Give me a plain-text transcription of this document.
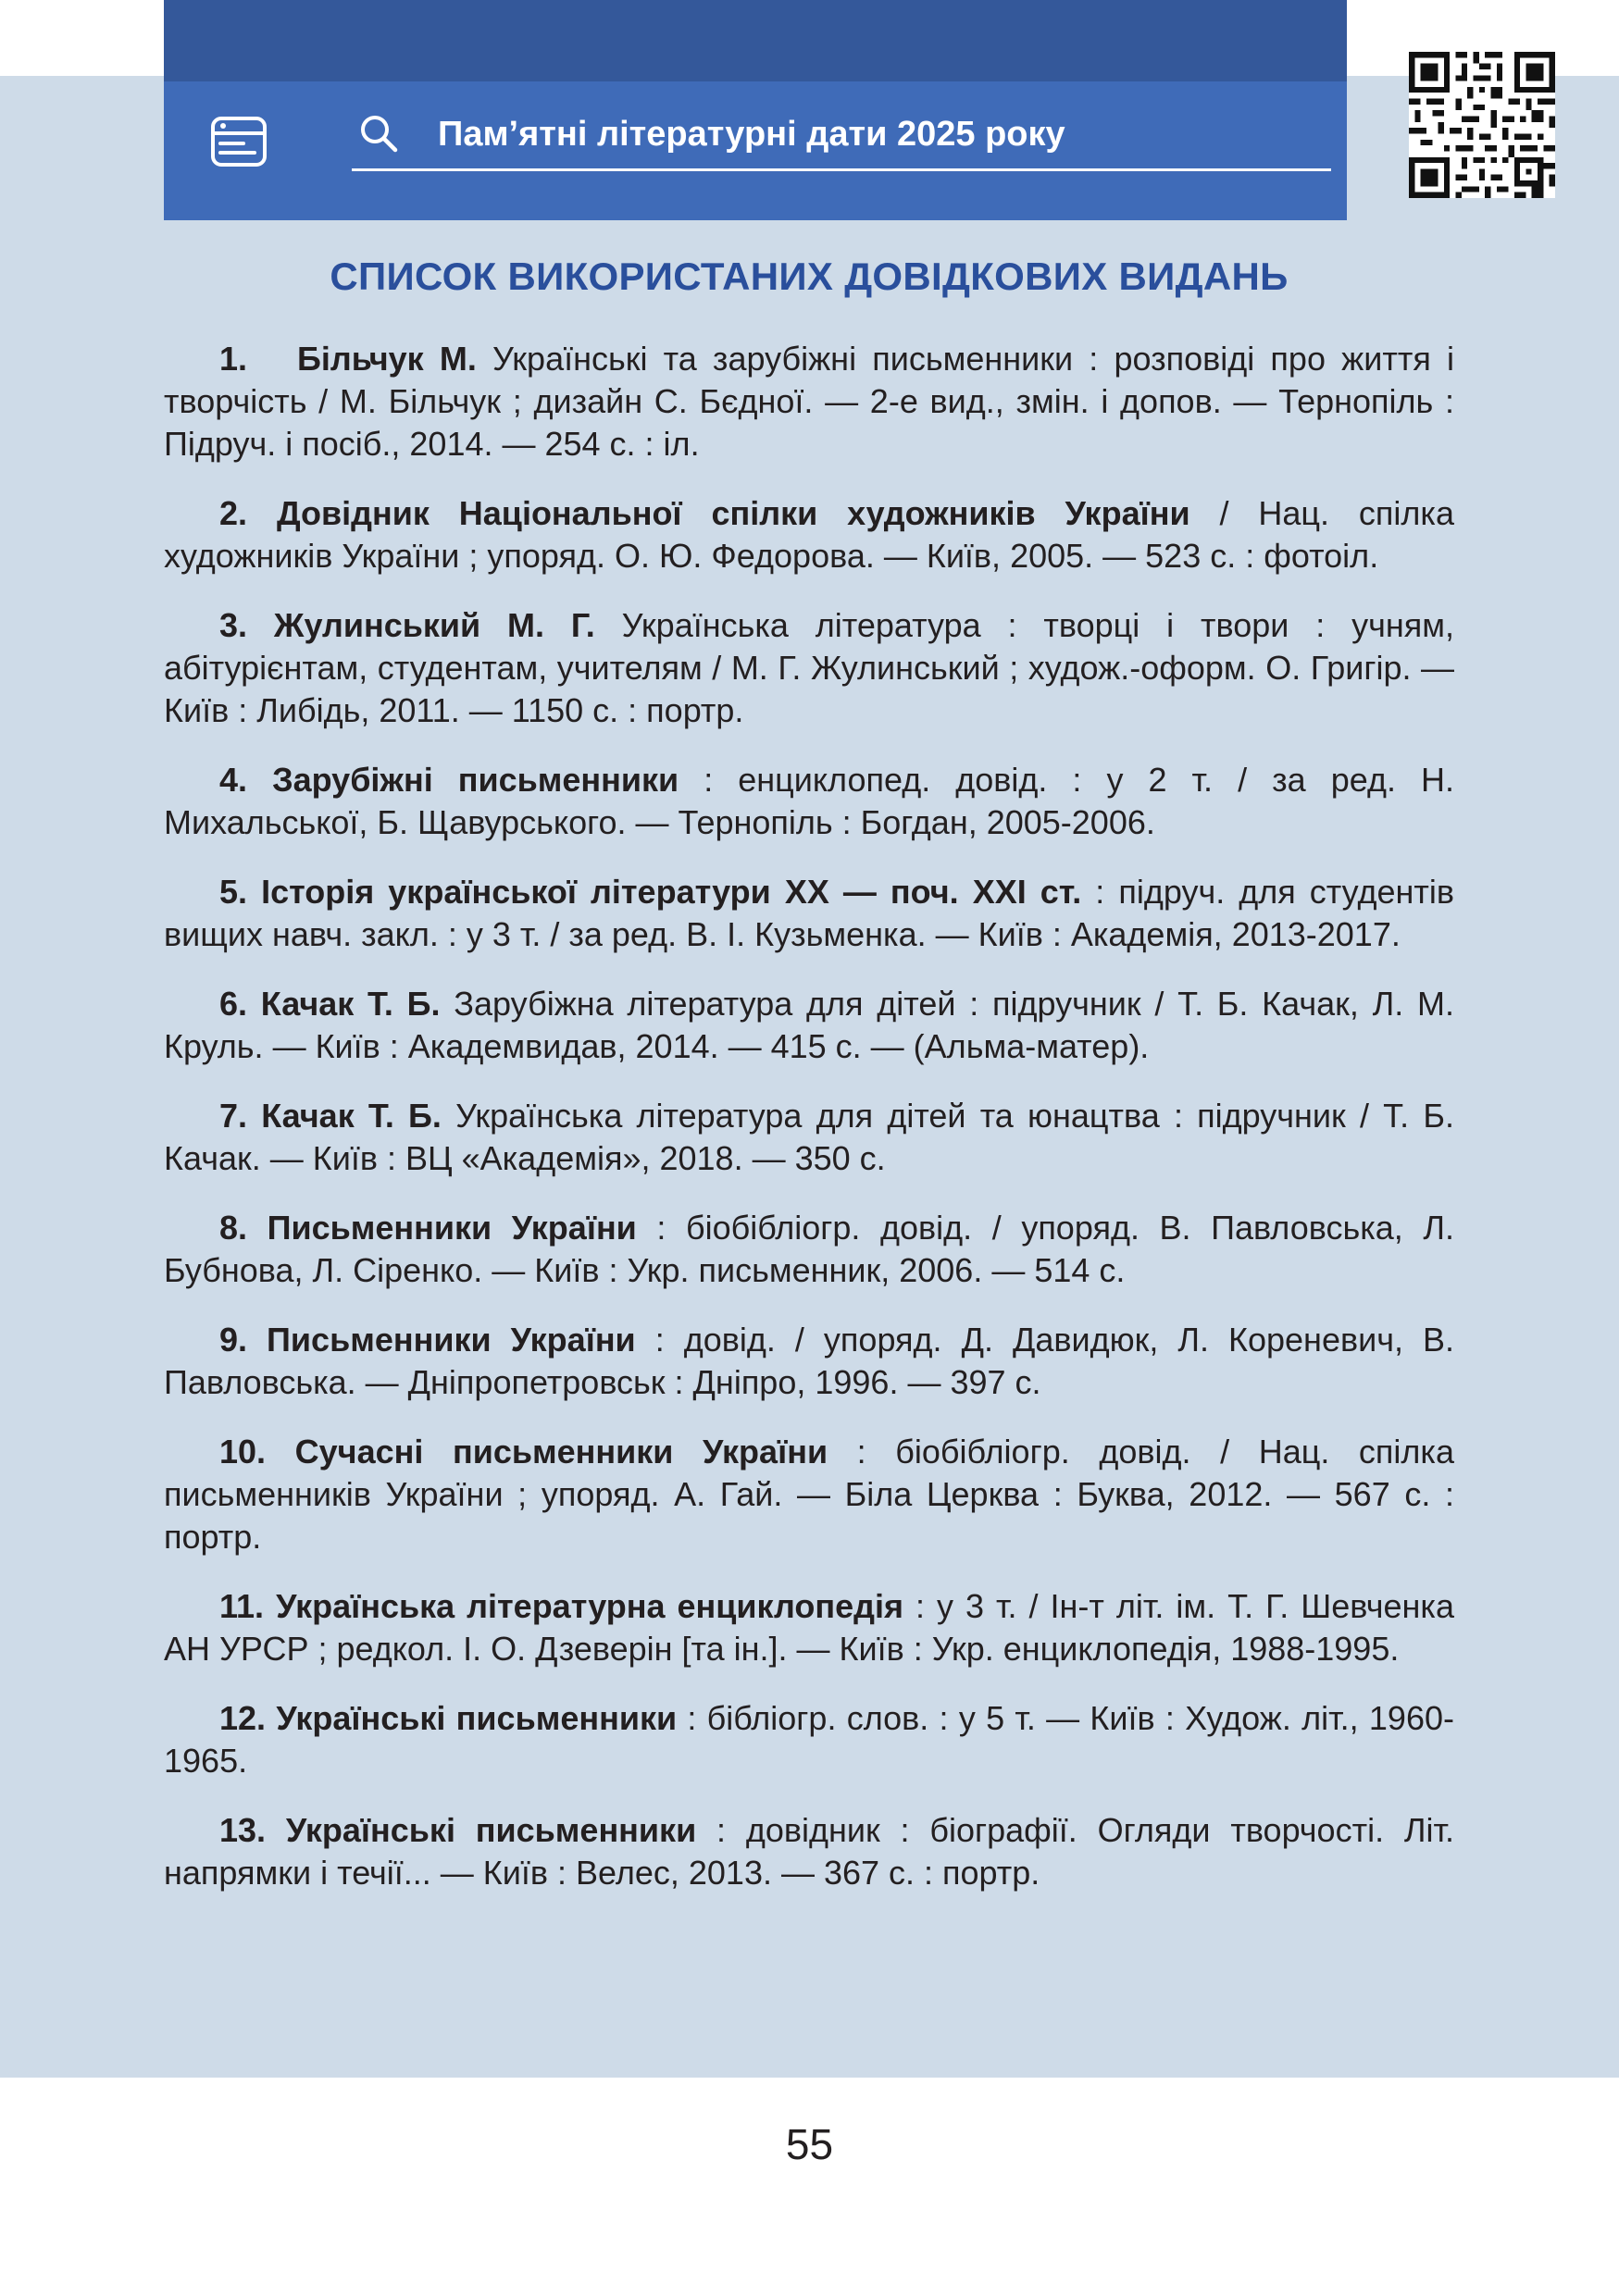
Пам’ятні літературні дати 2025 року
СПИСОК ВИКОРИСТАНИХ ДОВІДКОВИХ ВИДАНЬ

1. Більчук М. Українські та зарубіжні письменники : розповіді про життя і творчість / М. Більчук ; дизайн С. Бєдної. — 2-е вид., змін. і допов. — Тернопіль : Підруч. і посіб., 2014. — 254 с. : іл.

2. Довідник Національної спілки художників України / Нац. спілка художників України ; упоряд. О. Ю. Федорова. — Київ, 2005. — 523 с. : фотоіл.

3. Жулинський М. Г. Українська література : творці і твори : учням, абітурієнтам, студентам, учителям / М. Г. Жулинський ; худож.-оформ. О. Григір. — Київ : Либідь, 2011. — 1150 с. : портр.

4. Зарубіжні письменники : енциклопед. довід. : у 2 т. / за ред. Н. Михальської, Б. Щавурського. — Тернопіль : Богдан, 2005-2006.

5. Історія української літератури XX — поч. XXI ст. : підруч. для студентів вищих навч. закл. : у 3 т. / за ред. В. І. Кузьменка. — Київ : Академія, 2013-2017.

6. Качак Т. Б. Зарубіжна література для дітей : підручник / Т. Б. Качак, Л. М. Круль. — Київ : Академвидав, 2014. — 415 с. — (Альма-матер).

7. Качак Т. Б. Українська література для дітей та юнацтва : підручник / Т. Б. Качак. — Київ : ВЦ «Академія», 2018. — 350 с.

8. Письменники України : біобібліогр. довід. / упоряд. В. Павловська, Л. Бубнова, Л. Сіренко. — Київ : Укр. письменник, 2006. — 514 с.

9. Письменники України : довід. / упоряд. Д. Давидюк, Л. Кореневич, В. Павловська. — Дніпропетровськ : Дніпро, 1996. — 397 с.

10. Сучасні письменники України : біобібліогр. довід. / Нац. спілка письменників України ; упоряд. А. Гай. — Біла Церква : Буква, 2012. — 567 с. : портр.

11. Українська літературна енциклопедія : у 3 т. / Ін-т літ. ім. Т. Г. Шевченка АН УРСР ; редкол. І. О. Дзеверін [та ін.]. — Київ : Укр. енциклопедія, 1988-1995.

12. Українські письменники : бібліогр. слов. : у 5 т. — Київ : Худож. літ., 1960-1965.

13. Українські письменники : довідник : біографії. Огляди творчості. Літ. напрямки і течії... — Київ : Велес, 2013. — 367 с. : портр.

55
